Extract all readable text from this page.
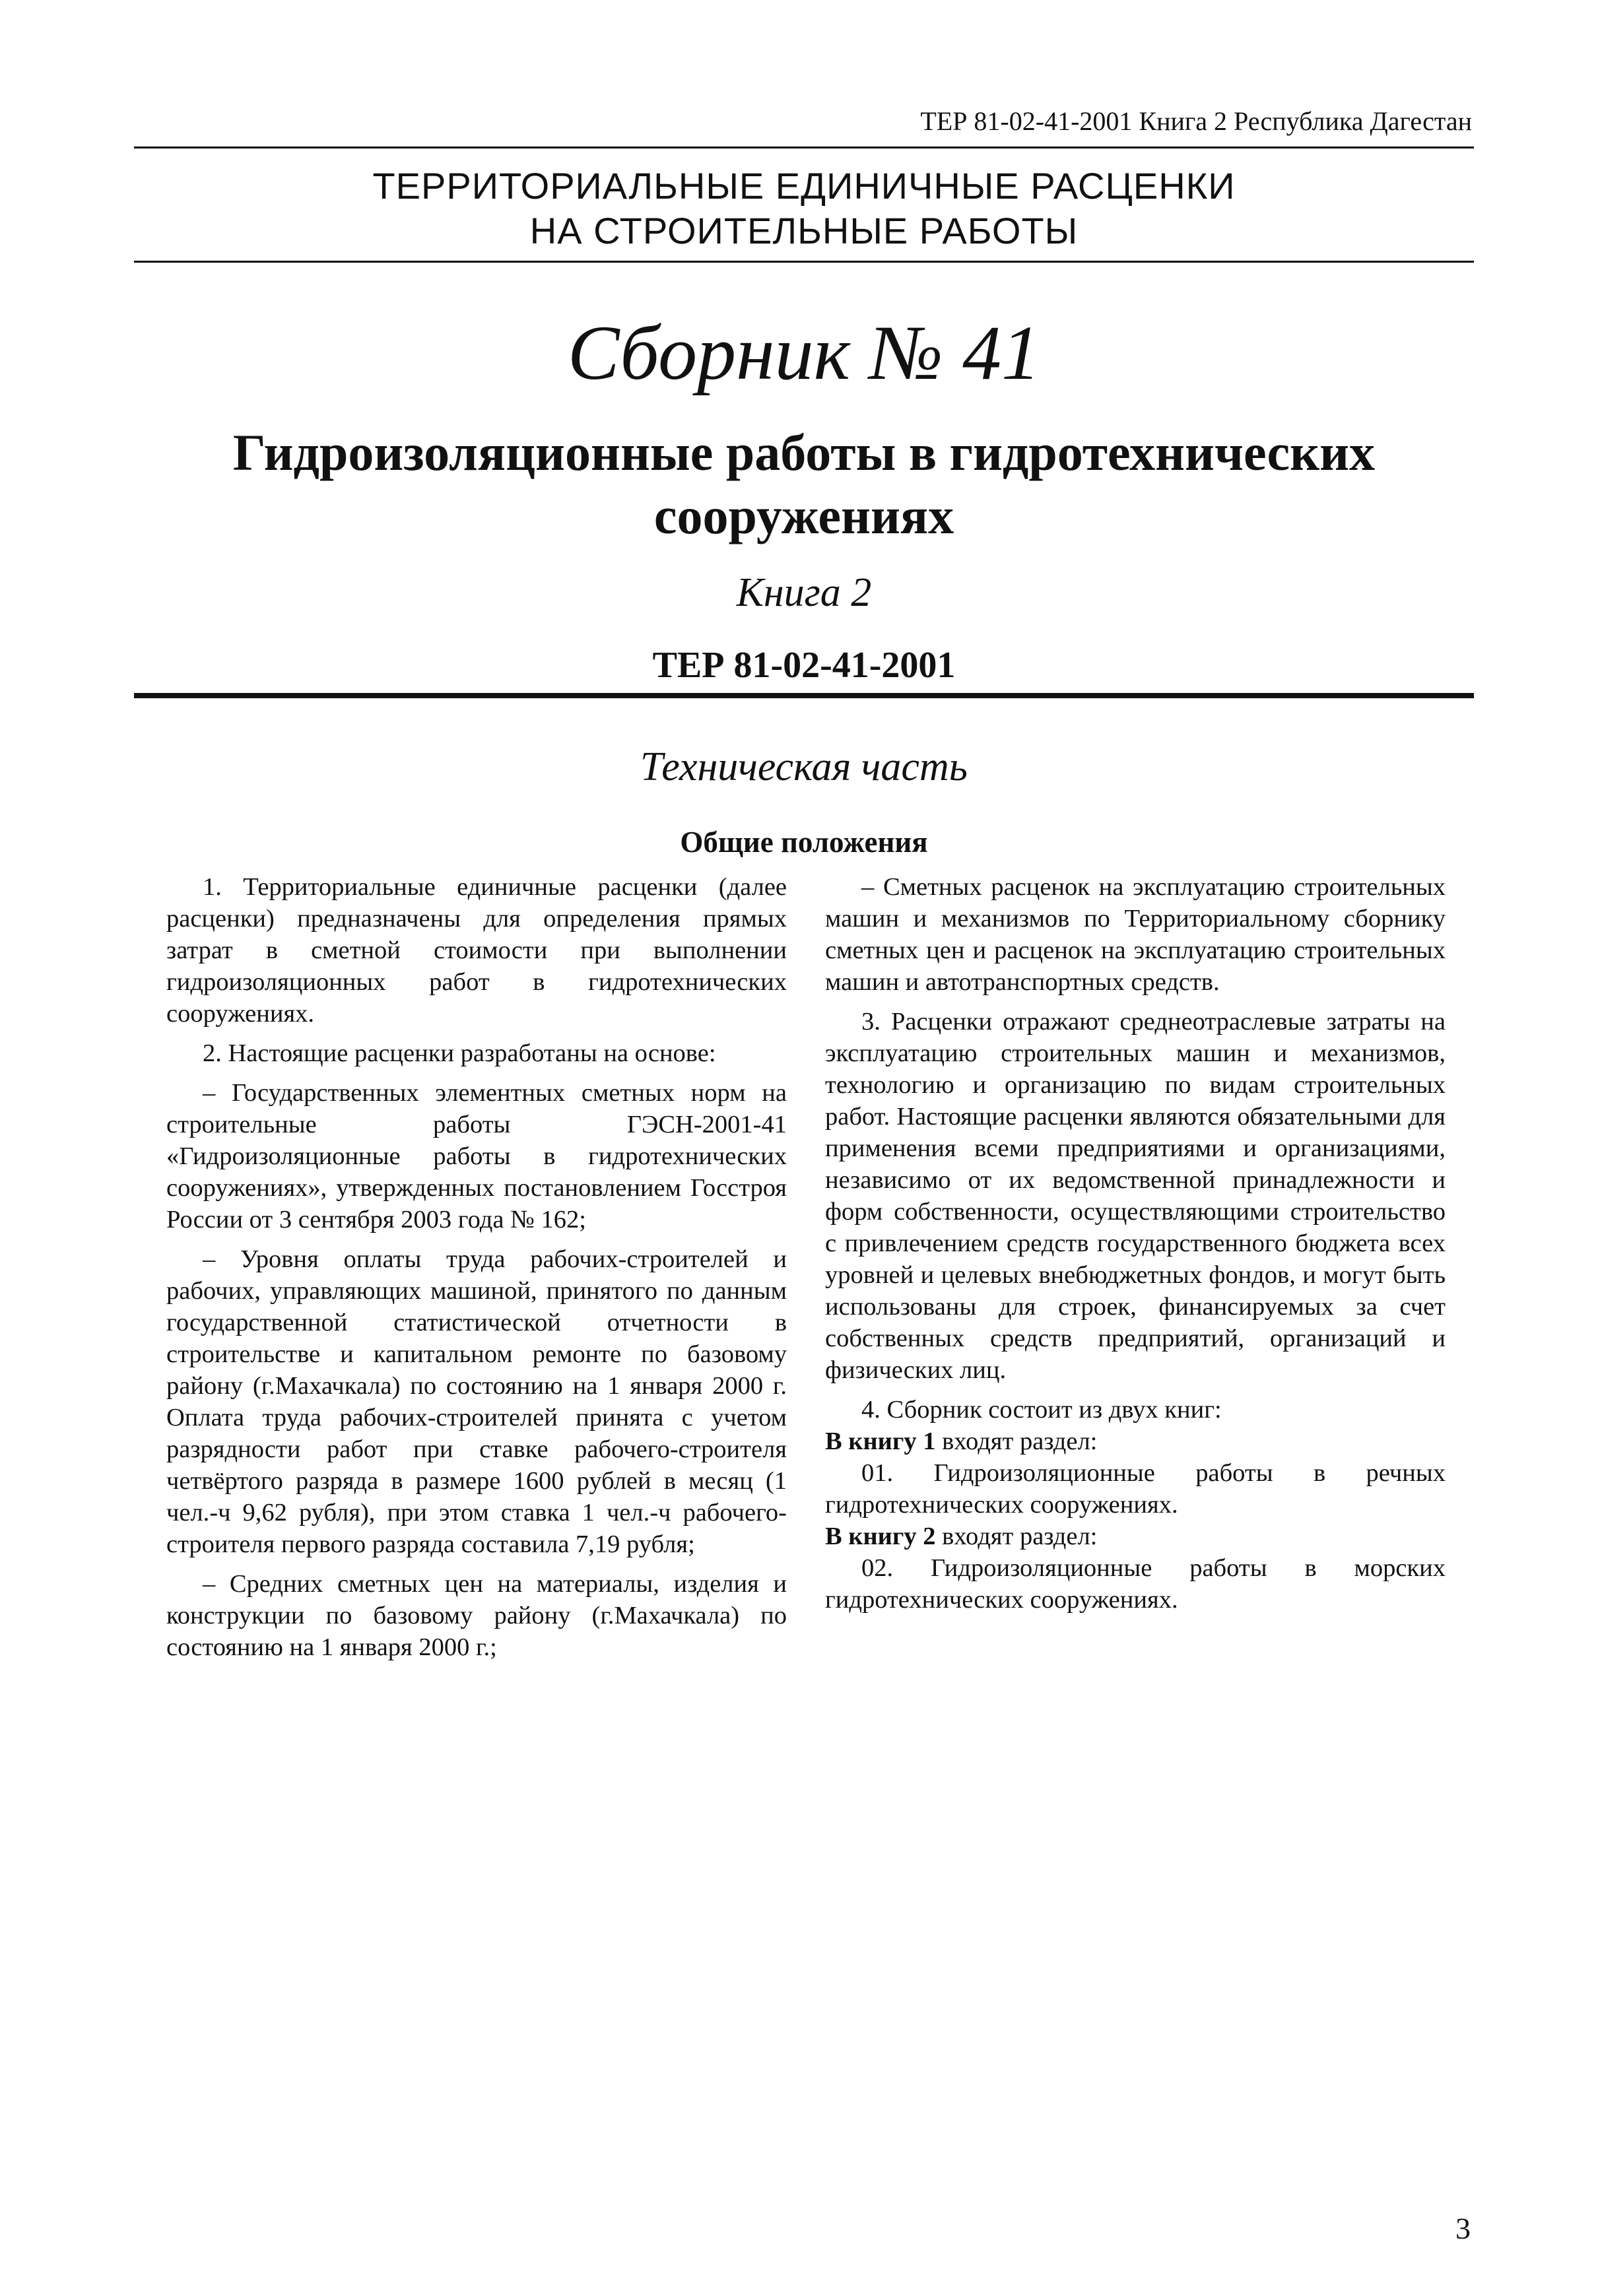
ТЕР 81-02-41-2001 Книга 2 Республика Дагестан
ТЕРРИТОРИАЛЬНЫЕ ЕДИНИЧНЫЕ РАСЦЕНКИ
НА СТРОИТЕЛЬНЫЕ РАБОТЫ
Сборник № 41
Гидроизоляционные работы в гидротехнических
сооружениях
Книга 2
ТЕР 81-02-41-2001
Техническая часть
Общие положения

1. Территориальные единичные расценки (далее расценки) предназначены для определения прямых затрат в сметной стоимости при выполнении гидроизоляционных работ в гидротехнических сооружениях.

2. Настоящие расценки разработаны на основе:

– Государственных элементных сметных норм на строительные работы ГЭСН-2001-41 «Гидроизоляционные работы в гидротехнических сооружениях», утвержденных постановлением Госстроя России от 3 сентября 2003 года № 162;

– Уровня оплаты труда рабочих-строителей и рабочих, управляющих машиной, принятого по данным государственной статистической отчетности в строительстве и капитальном ремонте по базовому району (г.Махачкала) по состоянию на 1 января 2000 г. Оплата труда рабочих-строителей принята с учетом разрядности работ при ставке рабочего-строителя четвёртого разряда в размере 1600 рублей в месяц (1 чел.-ч 9,62 рубля), при этом ставка 1 чел.-ч рабочего-строителя первого разряда составила 7,19 рубля;

– Средних сметных цен на материалы, изделия и конструкции по базовому району (г.Махачкала) по состоянию на 1 января 2000 г.;

– Сметных расценок на эксплуатацию строительных машин и механизмов по Территориальному сборнику сметных цен и расценок на эксплуатацию строительных машин и автотранспортных средств.

3. Расценки отражают среднеотраслевые затраты на эксплуатацию строительных машин и механизмов, технологию и организацию по видам строительных работ. Настоящие расценки являются обязательными для применения всеми предприятиями и организациями, независимо от их ведомственной принадлежности и форм собственности, осуществляющими строительство с привлечением средств государственного бюджета всех уровней и целевых внебюджетных фондов, и могут быть использованы для строек, финансируемых за счет собственных средств предприятий, организаций и физических лиц.

4. Сборник состоит из двух книг:

В книгу 1 входят раздел:

01. Гидроизоляционные работы в речных гидротехнических сооружениях.

В книгу 2 входят раздел:

02. Гидроизоляционные работы в морских гидротехнических сооружениях.

3
